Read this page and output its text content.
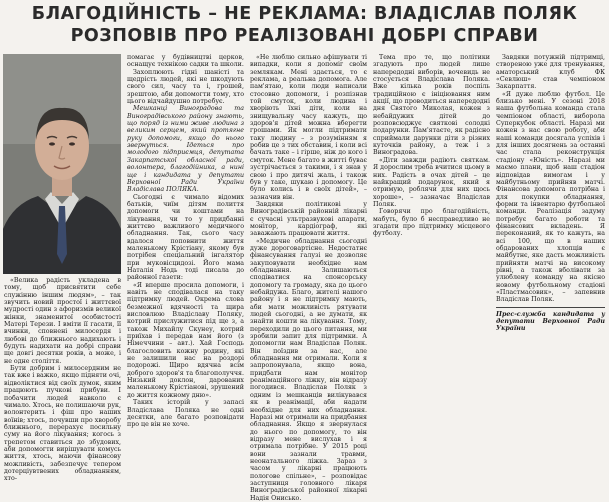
БЛАГОДІЙНІСТЬ – НЕ РЕКЛАМА: ВЛАДІСЛАВ ПОЛЯК
РОЗПОВІВ ПРО РЕАЛІЗОВАНІ ДОБРІ СПРАВИ

«Велика радість укладена в тому, щоб присвятити себе служінню іншим людям», – так звучить новий простої і життєвої мудрості один з афоризмів великої жінки, знаменитої особистості Матері Терези. І вміти її гасати, її вчинки, сповнені милосердя і любові до ближнього надихають і будуть надихати на добрі справи ще довгі десятки років, а може, і не одне століття.

Бути добрим і милосердним не так вже і важко, якщо підняти очі, відволіктися від своїх думок, яким працюють пучкові прибуви. І побачити людей навколо є чимало. Хтось, не полишаючи рук, волонтерить і фіш про наших воїнів; хтось, почувши про хворобу ближнього, перерахує посильну суму на його лікування; когось з трепетом ставиться до збудових, аби допомогти вирішувати комусь життя, хтось, маючи фінансову можливість, забезпечує тепером дотерціувтвених обладнанням, хто-

помагає у будівництві церков, оснащує технікою садки та школи.

Захоплюють гідні шаністі та щедрість людей, які не шкодують свого сил, часу та і, грошей, зрештою, аби допомогти тому, хто цього відчайдушно потребує.

Мешканці Виноградова та Виноградівського району знають, що поряд із ними живе людина з великим серцем, який протягне руку допомоги, якщо до нього звернуться. Ідеться про молодого підприємця, депутата Закарпатської обласної ради, волонтера, благодійника, а нині ще і кандидата у депутати Верховної Ради України Владіслава ПОЛЯКА.

Сьогодні є чимало відомих батьків, чиїм дітям полиття допомоги чи коштами на лікування, чи то у придбанні життєво важливого медичного обладнання. Так, сього часу вдалося поповнити життя маленькому Крістіану, якому був потрібен спеціальний інгалятор при муковісцидозі. Його мама Наталія Нодь тоді писала до районної газети:

«Я вперше просила допомоги, і навіть не сподівалася на таку підтримку людей. Окрема слова безмежної вдячності та щира висловлюю Владіславу Поляку, котрий прислужитися під ще з, а також Михайлу Скунеу, котрий приїхав і передав нам його (з Німеччини – авт.). Хай Господь благословить кожну родину, які не залишили нас на роздорі подорожі. Щиро вдячна всім доброго здоров'я та благополуччя. Низький доклон, дарованих маленькому Крістіанові, зрушений до життя кожному дню».

Таких історій у запасі Владіслава Поляка не одні десятки, але багато розповідати про це він не хоче.

«Не люблю сильно афішувати ті випадки, коли я допоміг своїм землякам. Мені здається, то є реклама, а реальна допомога. Але пам'ятаю, коли люди написали стосовно допомоги, і розпізнав той смуток, коли людина і хворіють їхні діти, коли на знищувальну часу кажуть, що здоров'я дітей можна вберегти грошами. Як могли підтримати таку людину – з розумінням я робив це з тих обставин, і коли всі бачать таке – і гірше, ніж до кого і смуток. Мене багато в житті буває зустрічається з такими, і я знав у свою і про дитячі жаль, і також був у таке, шукаю і допомогу. Це було колись і в своїх дітей», – зазначив він.

Завдяки політикові у Виноградівській районній лікарні є сучасні ультразвукові апарати, монітор, кардіограф, які заважають працювати життя.

«Медичне обладнання сьогодні дуже дороговартісне. Недостатнє фінансування галузі не дозволяє закуповувати необхідне нам обладнання. Залишаються сподіватися на спонсорську допомогу та громаду, яка до цього небайдужа. Благо, жителі нашого району і я не підтримку мають, аби мати можливість рятувати людей сьогодні, а не думати, як знайти кошти на лікування. Тому, переходили до цього питання, ми зробили запит для підтримки. А допомогли нам Владіслав Поляк. Він поїздив за нас, але обладнання ми отримали. Коли я запропонувала, якщо вона, придбати нам монітор реанімаційного ліжку, він відразу погодився. Владіслав Поляк з одним із мешканців вилікувався як в реанімації, аби надати необхідне для них обладнання. Наразі ми отримали на придбання обладнання. Якщо я звернулася до нього по допомогу, то він відразу мене вислухав і я отримала потрібне. У 2015 році вони зазнали травми, неонатального ліжка. Зараз з часом у лікарні працюють пологове спільне», – розповідає заступниця головного лікаря Виноградівської районної лікарні Надія Онисько.

Тема про те, що політики згадують про людей лише напередодні виборів, вочевидь не стосується Владіслава Поляка. Вже кілька років поспіль традиційною є ініціювання ним акції, що проводиться напередодні дня Святого Миколая, кожен з небайдужих дітей до розповсюджує святкові солодкі подарунки. Пам'ятаєте, як радісно сприймали дарунки діти з різних куточків району, а теж і з Виноградова.

«Діти завжди радіють святкам. Я дорослим треба вчитися цьому в них. Радість в очах дітей – це найкращий подарунок, який я отримую, роблячи для них щось хороше», – зазначає Владіслав Поляк.

Говорячи про благодійність, мабуть, було б несправедливо не згадати про підтримку місцевого футболу.

Завдяки потужній підтримці, створеною уже для тренування, аматорський клуб ФК «Севлюш» став чемпіоном Закарпаття.

«Я дуже люблю футбол. Це близько мені. У сезоні 2018 наша футбольна команда стала чемпіоном області, виборола Суперкубок області. Наразі ми кожен з нас свою роботу, аби наші команди досягала успіхів і для інших досягнень за останні час стала реконструкція стадіону «Юність». Наразі ми маємо плани, щоб наш стадіон відповідав вимогам і у майбутньому прийняв матчі. Фінансова допомога потрібна і для покупки обладнання, форми та інвентарю футбольної команди. Реалізація задуму потребує багато роботи та фінансових вкладень. Я переконаний, як то кажуть, на всі 100, що в наших обдарованих хлопців є майбутнє, яке дасть можливість прийняти матчі на високому рівні, а також вболівати за улюблену команду на якісно новому футбольному стадіоні «Пластмасовик», – запевнив Владіслав Поляк.

Прес-служба кандидата у депутати Верховної Ради України
